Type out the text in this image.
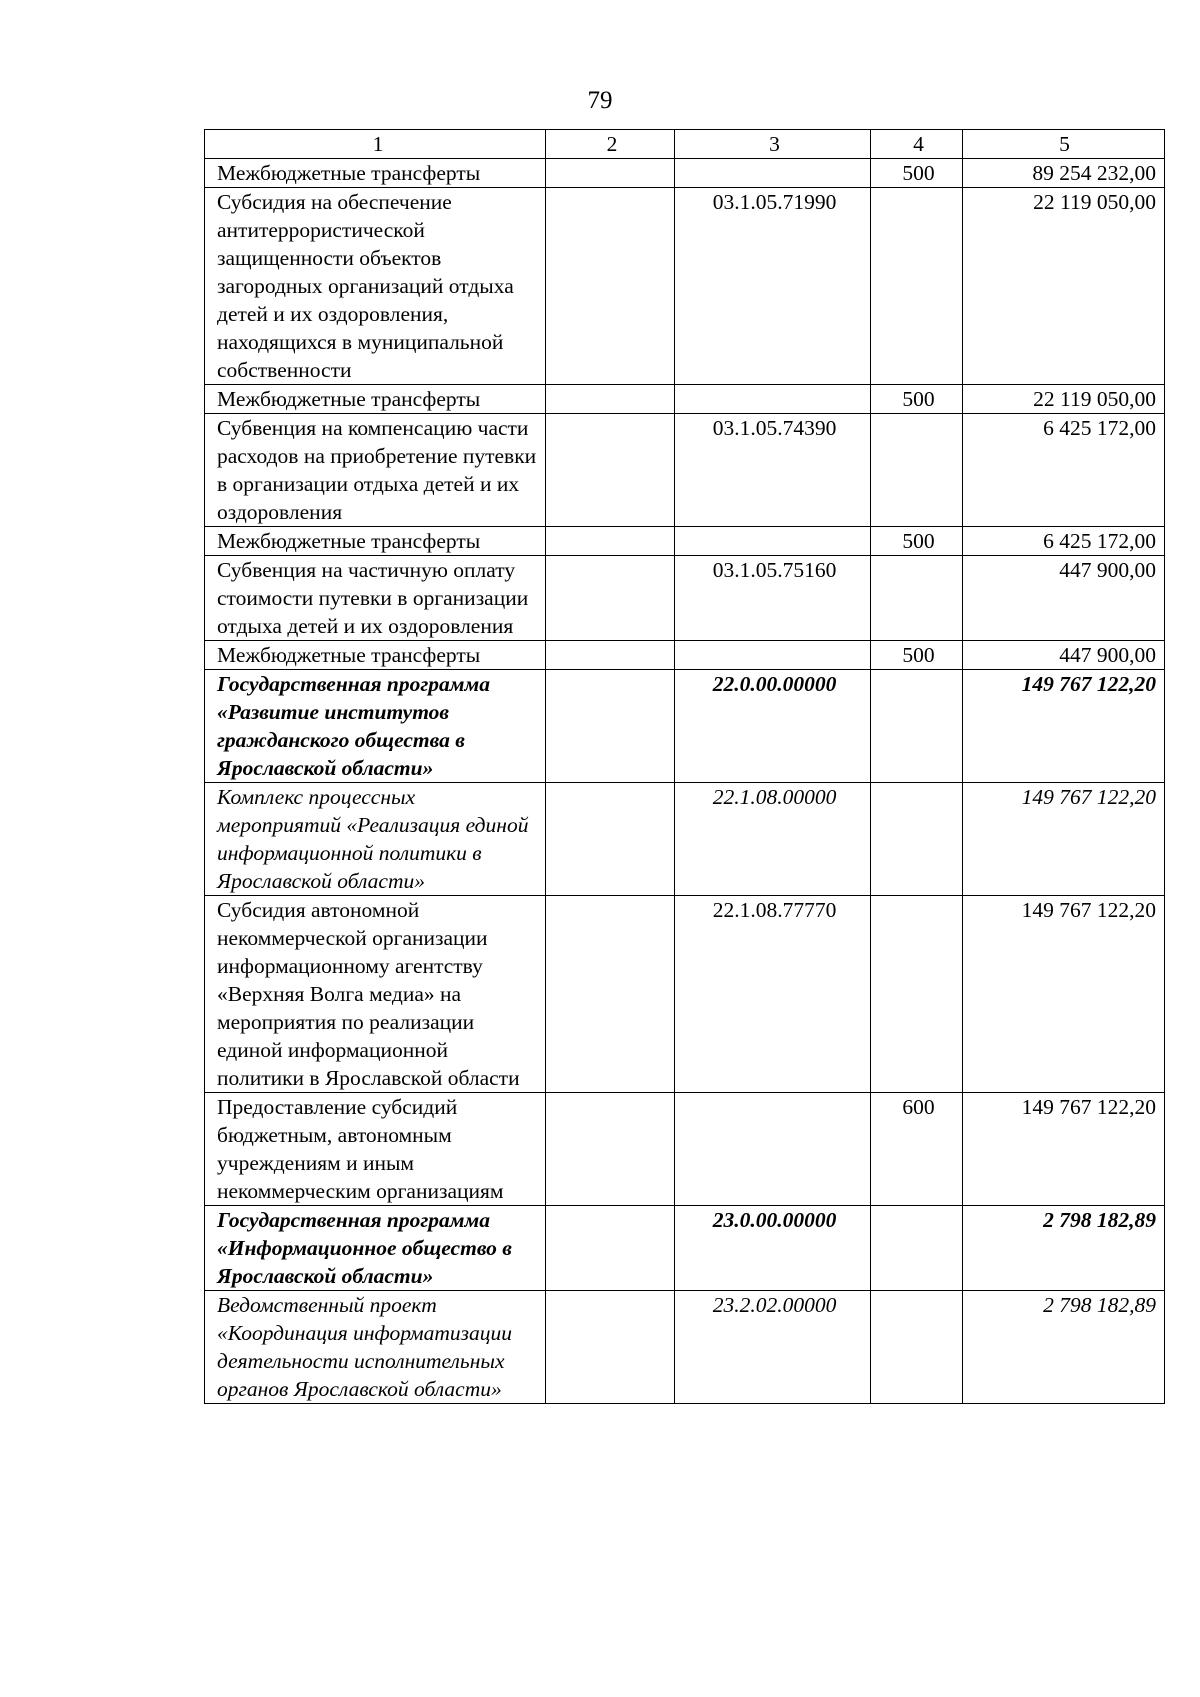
79
1	2	3	4	5
Межбюджетные трансферты			500	89 254 232,00
Субсидия на обеспечение антитеррористической защищенности объектов загородных организаций отдыха детей и их оздоровления, находящихся в муниципальной собственности		03.1.05.71990		22 119 050,00
Межбюджетные трансферты			500	22 119 050,00
Субвенция на компенсацию части расходов на приобретение путевки в организации отдыха детей и их оздоровления		03.1.05.74390		6 425 172,00
Межбюджетные трансферты			500	6 425 172,00
Субвенция на частичную оплату стоимости путевки в организации отдыха детей и их оздоровления		03.1.05.75160		447 900,00
Межбюджетные трансферты			500	447 900,00
Государственная программа «Развитие институтов гражданского общества в Ярославской области»		22.0.00.00000		149 767 122,20
Комплекс процессных мероприятий «Реализация единой информационной политики в Ярославской области»		22.1.08.00000		149 767 122,20
Субсидия автономной некоммерческой организации информационному агентству «Верхняя Волга медиа» на мероприятия по реализации единой информационной политики в Ярославской области		22.1.08.77770		149 767 122,20
Предоставление субсидий бюджетным, автономным учреждениям и иным некоммерческим организациям			600	149 767 122,20
Государственная программа «Информационное общество в Ярославской области»		23.0.00.00000		2 798 182,89
Ведомственный проект «Координация информатизации деятельности исполнительных органов Ярославской области»		23.2.02.00000		2 798 182,89
